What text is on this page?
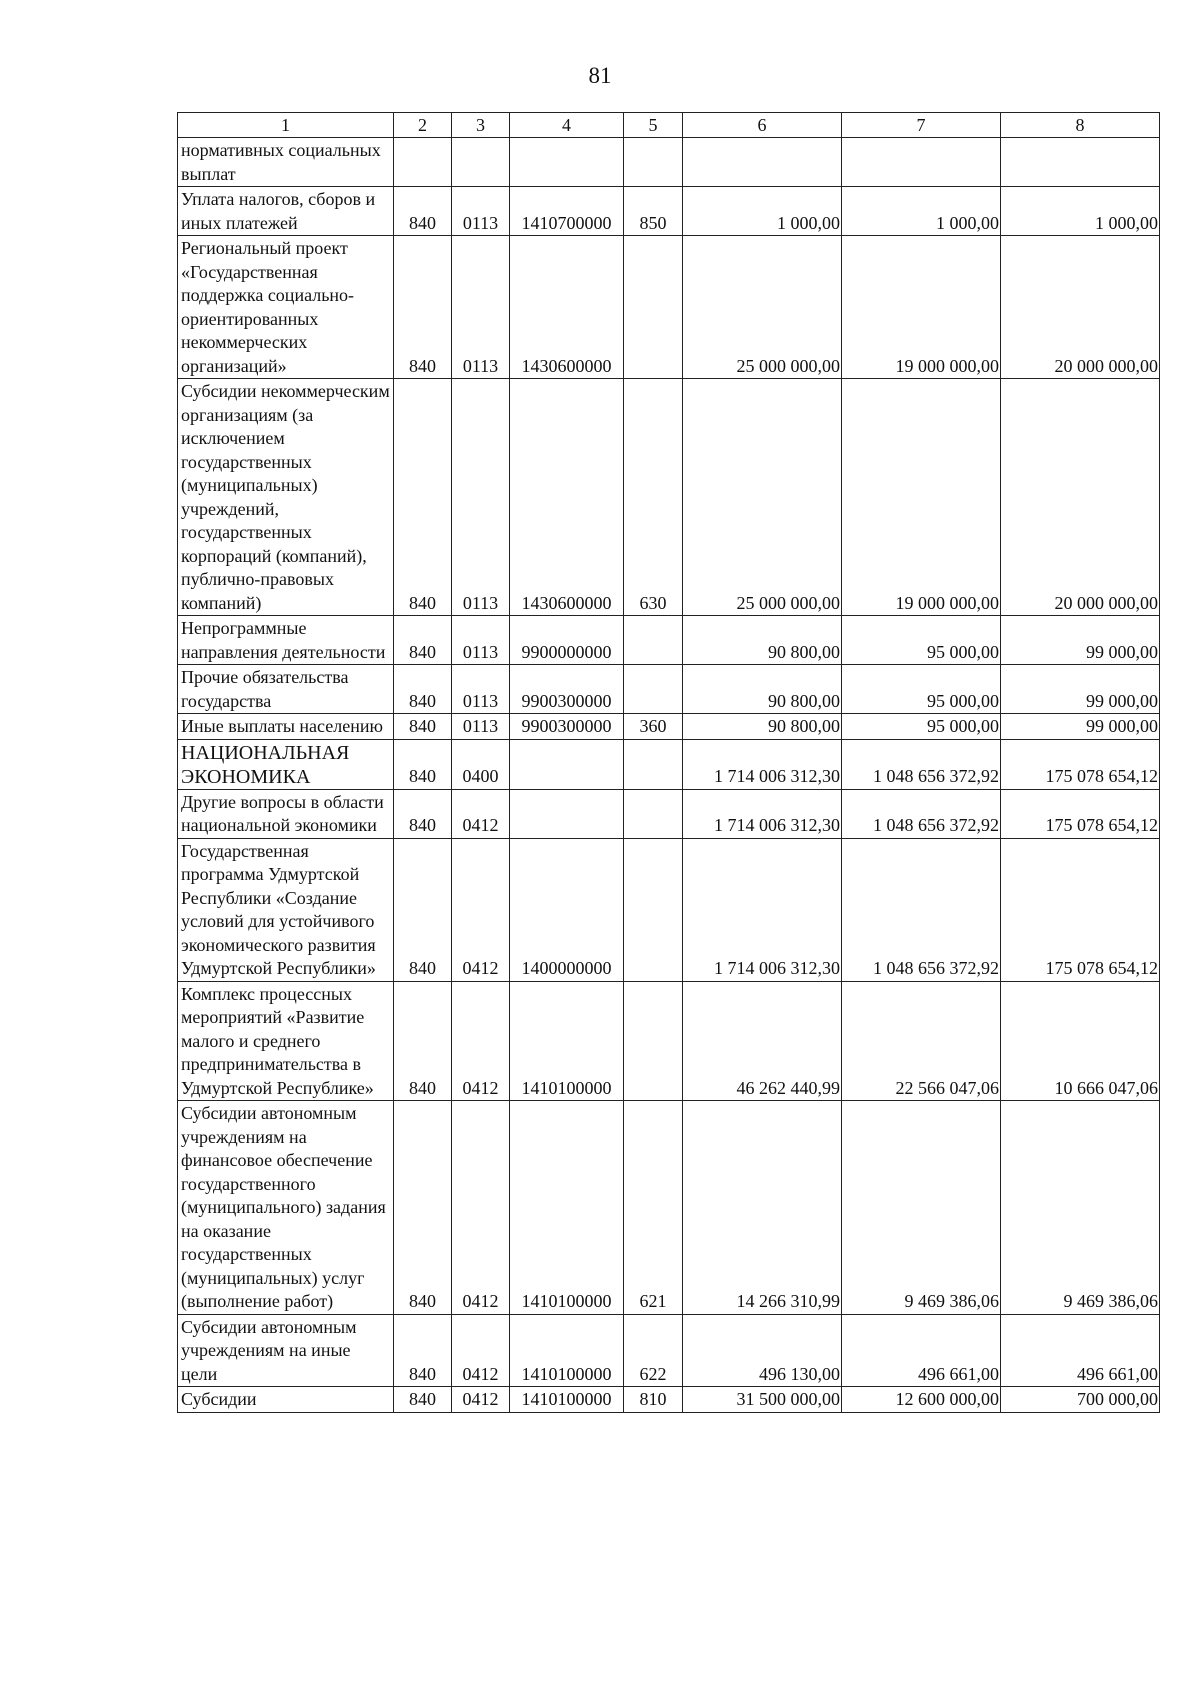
81
1	2	3	4	5	6	7	8
нормативных социальных выплат							
Уплата налогов, сборов и иных платежей	840	0113	1410700000	850	1 000,00	1 000,00	1 000,00
Региональный проект «Государственная поддержка социально-ориентированных некоммерческих организаций»	840	0113	1430600000		25 000 000,00	19 000 000,00	20 000 000,00
Субсидии некоммерческим организациям (за исключением государственных (муниципальных) учреждений, государственных корпораций (компаний), публично-правовых компаний)	840	0113	1430600000	630	25 000 000,00	19 000 000,00	20 000 000,00
Непрограммные направления деятельности	840	0113	9900000000		90 800,00	95 000,00	99 000,00
Прочие обязательства государства	840	0113	9900300000		90 800,00	95 000,00	99 000,00
Иные выплаты населению	840	0113	9900300000	360	90 800,00	95 000,00	99 000,00
НАЦИОНАЛЬНАЯ ЭКОНОМИКА	840	0400			1 714 006 312,30	1 048 656 372,92	175 078 654,12
Другие вопросы в области национальной экономики	840	0412			1 714 006 312,30	1 048 656 372,92	175 078 654,12
Государственная программа Удмуртской Республики «Создание условий для устойчивого экономического развития Удмуртской Республики»	840	0412	1400000000		1 714 006 312,30	1 048 656 372,92	175 078 654,12
Комплекс процессных мероприятий «Развитие малого и среднего предпринимательства в Удмуртской Республике»	840	0412	1410100000		46 262 440,99	22 566 047,06	10 666 047,06
Субсидии автономным учреждениям на финансовое обеспечение государственного (муниципального) задания на оказание государственных (муниципальных) услуг (выполнение работ)	840	0412	1410100000	621	14 266 310,99	9 469 386,06	9 469 386,06
Субсидии автономным учреждениям на иные цели	840	0412	1410100000	622	496 130,00	496 661,00	496 661,00
Субсидии	840	0412	1410100000	810	31 500 000,00	12 600 000,00	700 000,00
